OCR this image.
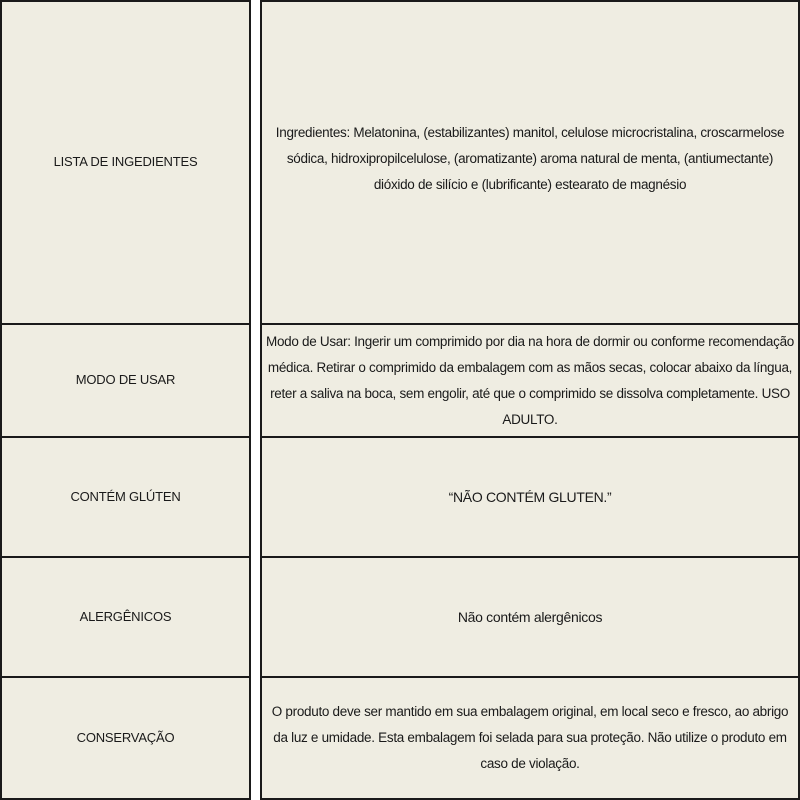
LISTA DE INGEDIENTES
Ingredientes: Melatonina, (estabilizantes) manitol, celulose microcristalina, croscarmelose sódica, hidroxipropilcelulose, (aromatizante) aroma natural de menta, (antiumectante) dióxido de silício e (lubrificante) estearato de magnésio
MODO DE USAR
Modo de Usar: Ingerir um comprimido por dia na hora de dormir ou conforme recomendação médica. Retirar o comprimido da embalagem com as mãos secas, colocar abaixo da língua, reter a saliva na boca, sem engolir, até que o comprimido se dissolva completamente. USO ADULTO.
CONTÉM GLÚTEN	“NÃO CONTÉM GLUTEN.”
ALERGÊNICOS	Não contém alergênicos
CONSERVAÇÃO
O produto deve ser mantido em sua embalagem original, em local seco e fresco, ao abrigo da luz e umidade. Esta embalagem foi selada para sua proteção. Não utilize o produto em caso de violação.
